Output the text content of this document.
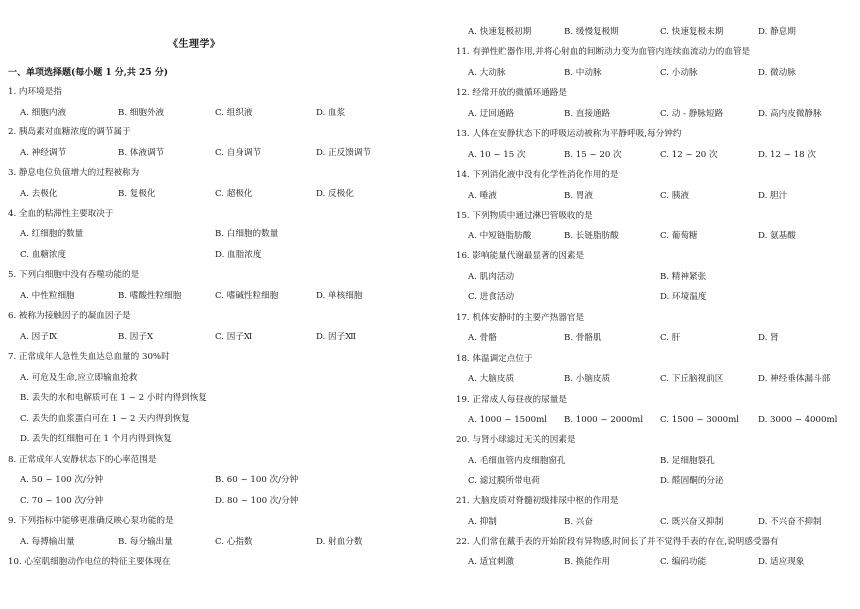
《生理学》
一、单项选择题(每小题 1 分,共 25 分)
1. 内环境是指
A. 细胞内液	B. 细胞外液	C. 组织液	D. 血浆
2. 胰岛素对血糖浓度的调节属于
A. 神经调节	B. 体液调节	C. 自身调节	D. 正反馈调节
3. 静息电位负值增大的过程被称为
A. 去极化	B. 复极化	C. 超极化	D. 反极化
4. 全血的粘滞性主要取决于
A. 红细胞的数量	B. 白细胞的数量
C. 血糖浓度	D. 血脂浓度
5. 下列白细胞中没有吞噬功能的是
A. 中性粒细胞	B. 嗜酸性粒细胞	C. 嗜碱性粒细胞	D. 单核细胞
6. 被称为接触因子的凝血因子是
A. 因子Ⅸ	B. 因子Ⅹ	C. 因子Ⅺ	D. 因子Ⅻ
7. 正常成年人急性失血达总血量的 30%时
A. 可危及生命,应立即输血抢救
B. 丢失的水和电解质可在 1 ~ 2 小时内得到恢复
C. 丢失的血浆蛋白可在 1 ~ 2 天内得到恢复
D. 丢失的红细胞可在 1 个月内得到恢复
8. 正常成年人安静状态下的心率范围是
A. 50 ~ 100 次/分钟	B. 60 ~ 100 次/分钟
C. 70 ~ 100 次/分钟	D. 80 ~ 100 次/分钟
9. 下列指标中能够更准确反映心泵功能的是
A. 每搏输出量	B. 每分输出量	C. 心指数	D. 射血分数
10. 心室肌细胞动作电位的特征主要体现在
A. 快速复极初期	B. 缓慢复极期	C. 快速复极末期	D. 静息期
11. 有弹性贮器作用,并将心射血的间断动力变为血管内连续血流动力的血管是
A. 大动脉	B. 中动脉	C. 小动脉	D. 微动脉
12. 经常开放的微循环通路是
A. 迂回通路	B. 直接通路	C. 动 - 静脉短路	D. 高内皮微静脉
13. 人体在安静状态下的呼吸运动被称为平静呼吸,每分钟约
A. 10 ~ 15 次	B. 15 ~ 20 次	C. 12 ~ 20 次	D. 12 ~ 18 次
14. 下列消化液中没有化学性消化作用的是
A. 唾液	B. 胃液	C. 胰液	D. 胆汁
15. 下列物质中通过淋巴管吸收的是
A. 中短链脂肪酸	B. 长链脂肪酸	C. 葡萄糖	D. 氨基酸
16. 影响能量代谢最显著的因素是
A. 肌肉活动	B. 精神紧张
C. 进食活动	D. 环境温度
17. 机体安静时的主要产热器官是
A. 骨骼	B. 骨骼肌	C. 肝	D. 肾
18. 体温调定点位于
A. 大脑皮质	B. 小脑皮质	C. 下丘脑视前区	D. 神经垂体漏斗部
19. 正常成人每昼夜的尿量是
A. 1000 ~ 1500ml B. 1000 ~ 2000ml C. 1500 ~ 3000ml D. 3000 ~ 4000ml
20. 与肾小球滤过无关的因素是
A. 毛细血管内皮细胞窗孔	B. 足细胞裂孔
C. 滤过膜所带电荷	D. 醛固酮的分泌
21. 大脑皮质对脊髓初级排尿中枢的作用是
A. 抑制	B. 兴奋	C. 既兴奋又抑制	D. 不兴奋不抑制
22. 人们常在戴手表的开始阶段有异物感,时间长了并不觉得手表的存在,说明感受器有
A. 适宜刺激	B. 换能作用	C. 编码功能	D. 适应现象
